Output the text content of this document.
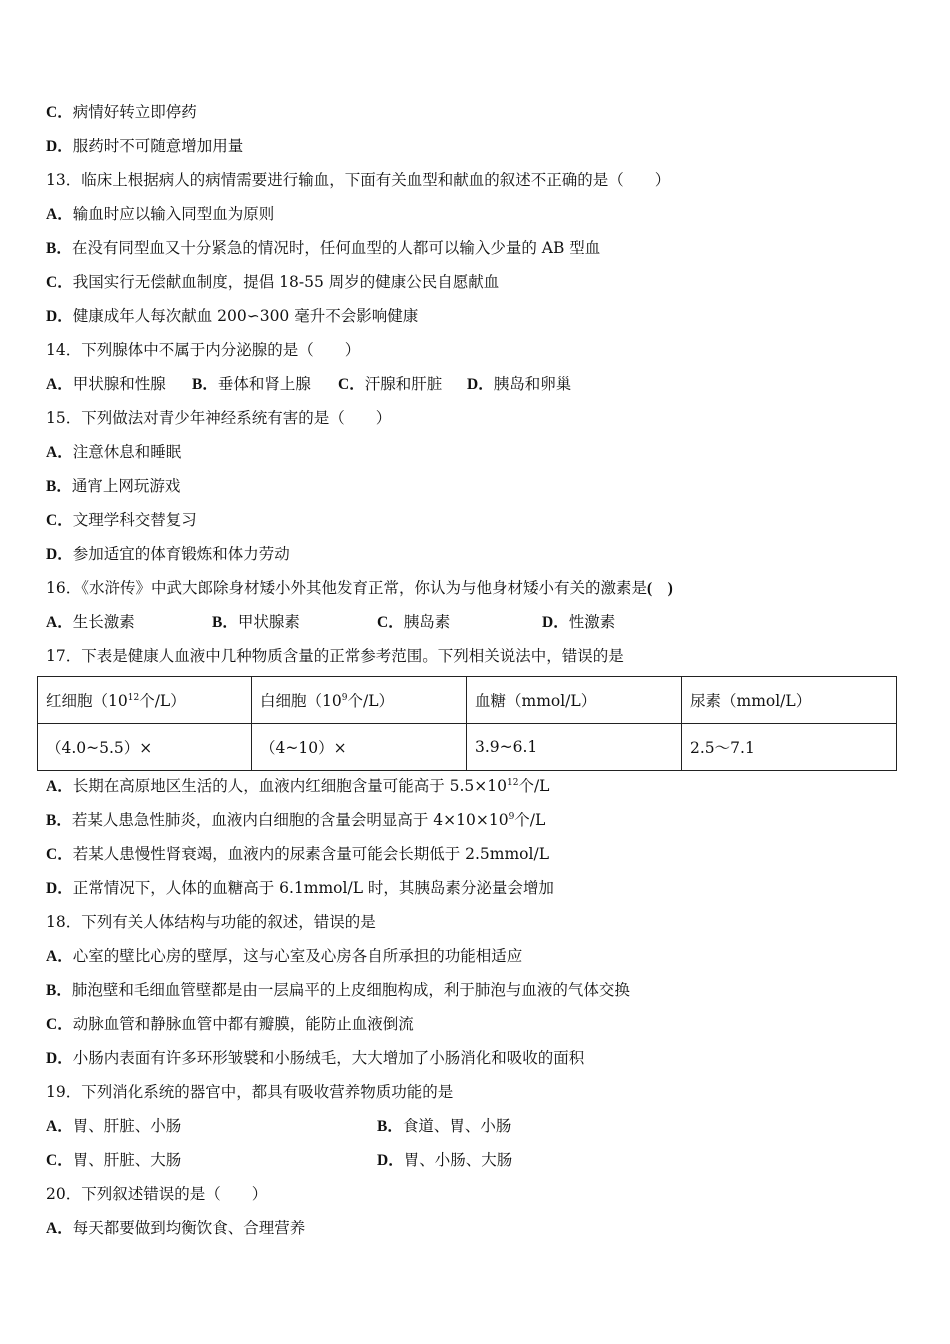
C．病情好转立即停药
D．服药时不可随意增加用量
13．临床上根据病人的病情需要进行输血，下面有关血型和献血的叙述不正确的是（　　）
A．输血时应以输入同型血为原则
B．在没有同型血又十分紧急的情况时，任何血型的人都可以输入少量的 AB 型血
C．我国实行无偿献血制度，提倡 18-55 周岁的健康公民自愿献血
D．健康成年人每次献血 200∽300 毫升不会影响健康
14．下列腺体中不属于内分泌腺的是（　　）
A．甲状腺和性腺 B．垂体和肾上腺 C．汗腺和肝脏 D．胰岛和卵巢
15．下列做法对青少年神经系统有害的是（　　）
A．注意休息和睡眠
B．通宵上网玩游戏
C．文理学科交替复习
D．参加适宜的体育锻炼和体力劳动
16．《水浒传》中武大郎除身材矮小外其他发育正常，你认为与他身材矮小有关的激素是(　)
A．生长激素	B．甲状腺素	C．胰岛素	D．性激素
17．下表是健康人血液中几种物质含量的正常参考范围。下列相关说法中，错误的是
红细胞（$10^{12}$个/L）	白细胞（$10^9$个/L）	血糖（mmol/L）	尿素（mmol/L）
（4.0~5.5）×	（4~10）×	3.9~6.1	2.5～7.1
A．长期在高原地区生活的人，血液内红细胞含量可能高于 $5.5\times 10^{12}$个/L
B．若某人患急性肺炎，血液内白细胞的含量会明显高于 $4\times 10\times 10^9$个/L
C．若某人患慢性肾衰竭，血液内的尿素含量可能会长期低于 2.5mmol/L
D．正常情况下，人体的血糖高于 6.1mmol/L 时，其胰岛素分泌量会增加
18．下列有关人体结构与功能的叙述，错误的是
A．心室的壁比心房的壁厚，这与心室及心房各自所承担的功能相适应
B．肺泡壁和毛细血管壁都是由一层扁平的上皮细胞构成，利于肺泡与血液的气体交换
C．动脉血管和静脉血管中都有瓣膜，能防止血液倒流
D．小肠内表面有许多环形皱襞和小肠绒毛，大大增加了小肠消化和吸收的面积
19．下列消化系统的器官中，都具有吸收营养物质功能的是
A．胃、肝脏、小肠	B．食道、胃、小肠
C．胃、肝脏、大肠	D．胃、小肠、大肠
20．下列叙述错误的是（　　）
A．每天都要做到均衡饮食、合理营养
